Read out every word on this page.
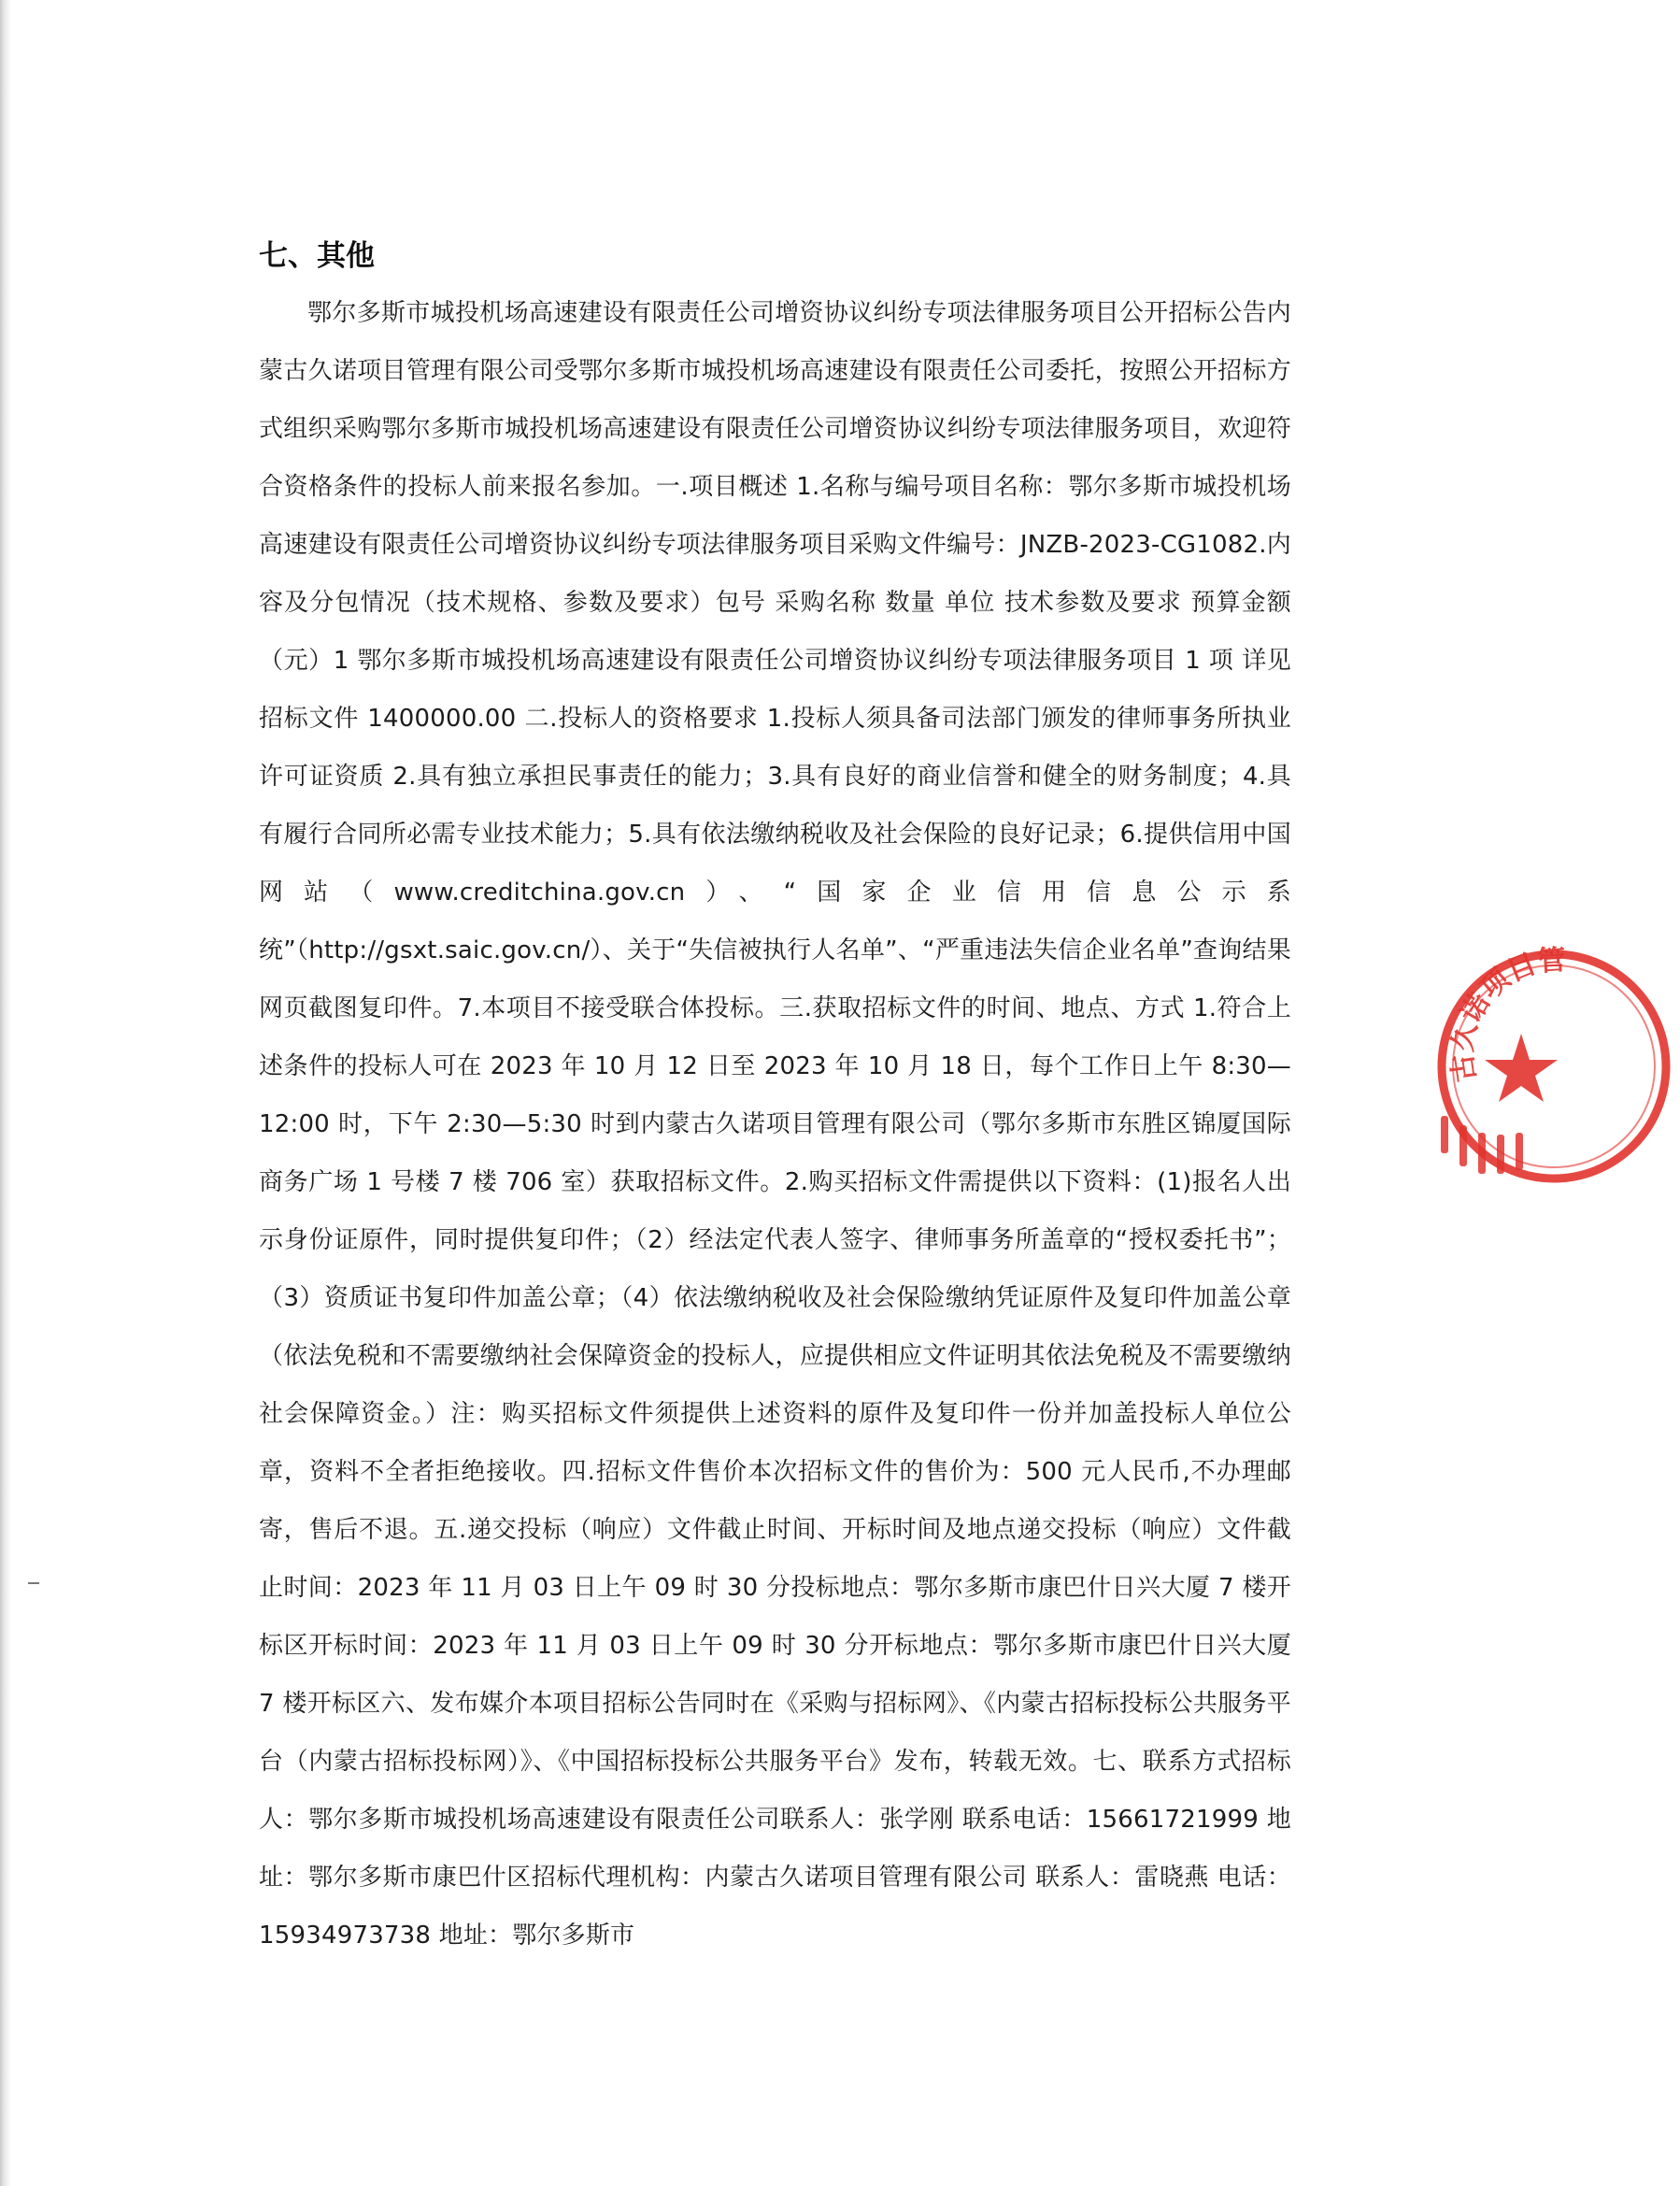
七、其他

鄂尔多斯市城投机场高速建设有限责任公司增资协议纠纷专项法律服务项目公开招标公告内蒙古久诺项目管理有限公司受鄂尔多斯市城投机场高速建设有限责任公司委托，按照公开招标方式组织采购鄂尔多斯市城投机场高速建设有限责任公司增资协议纠纷专项法律服务项目，欢迎符合资格条件的投标人前来报名参加。一.项目概述 1.名称与编号项目名称：鄂尔多斯市城投机场高速建设有限责任公司增资协议纠纷专项法律服务项目采购文件编号：JNZB-2023-CG1082.内容及分包情况（技术规格、参数及要求）包号 采购名称 数量 单位 技术参数及要求 预算金额（元）1 鄂尔多斯市城投机场高速建设有限责任公司增资协议纠纷专项法律服务项目 1 项 详见招标文件 1400000.00 二.投标人的资格要求 1.投标人须具备司法部门颁发的律师事务所执业许可证资质 2.具有独立承担民事责任的能力；3.具有良好的商业信誉和健全的财务制度；4.具有履行合同所必需专业技术能力；5.具有依法缴纳税收及社会保险的良好记录；6.提供信用中国网站（www.creditchina.gov.cn）、“国家企业信用信息公示系统”（http://gsxt.saic.gov.cn/）、关于“失信被执行人名单”、“严重违法失信企业名单”查询结果网页截图复印件。7.本项目不接受联合体投标。三.获取招标文件的时间、地点、方式 1.符合上述条件的投标人可在 2023 年 10 月 12 日至 2023 年 10 月 18 日，每个工作日上午 8:30—12:00 时，下午 2:30—5:30 时到内蒙古久诺项目管理有限公司（鄂尔多斯市东胜区锦厦国际商务广场 1 号楼 7 楼 706 室）获取招标文件。2.购买招标文件需提供以下资料：(1)报名人出示身份证原件，同时提供复印件；（2）经法定代表人签字、律师事务所盖章的“授权委托书”；（3）资质证书复印件加盖公章；（4）依法缴纳税收及社会保险缴纳凭证原件及复印件加盖公章（依法免税和不需要缴纳社会保障资金的投标人，应提供相应文件证明其依法免税及不需要缴纳社会保障资金。）注：购买招标文件须提供上述资料的原件及复印件一份并加盖投标人单位公章，资料不全者拒绝接收。四.招标文件售价本次招标文件的售价为：500 元人民币,不办理邮寄，售后不退。五.递交投标（响应）文件截止时间、开标时间及地点递交投标（响应）文件截止时间：2023 年 11 月 03 日上午 09 时 30 分投标地点：鄂尔多斯市康巴什日兴大厦 7 楼开标区开标时间：2023 年 11 月 03 日上午 09 时 30 分开标地点：鄂尔多斯市康巴什日兴大厦 7 楼开标区六、发布媒介本项目招标公告同时在《采购与招标网》、《内蒙古招标投标公共服务平台（内蒙古招标投标网）》、《中国招标投标公共服务平台》发布，转载无效。七、联系方式招标人：鄂尔多斯市城投机场高速建设有限责任公司联系人：张学刚 联系电话：15661721999 地址：鄂尔多斯市康巴什区招标代理机构：内蒙古久诺项目管理有限公司 联系人：雷晓燕 电话：15934973738 地址：鄂尔多斯市

古久诺项目管
